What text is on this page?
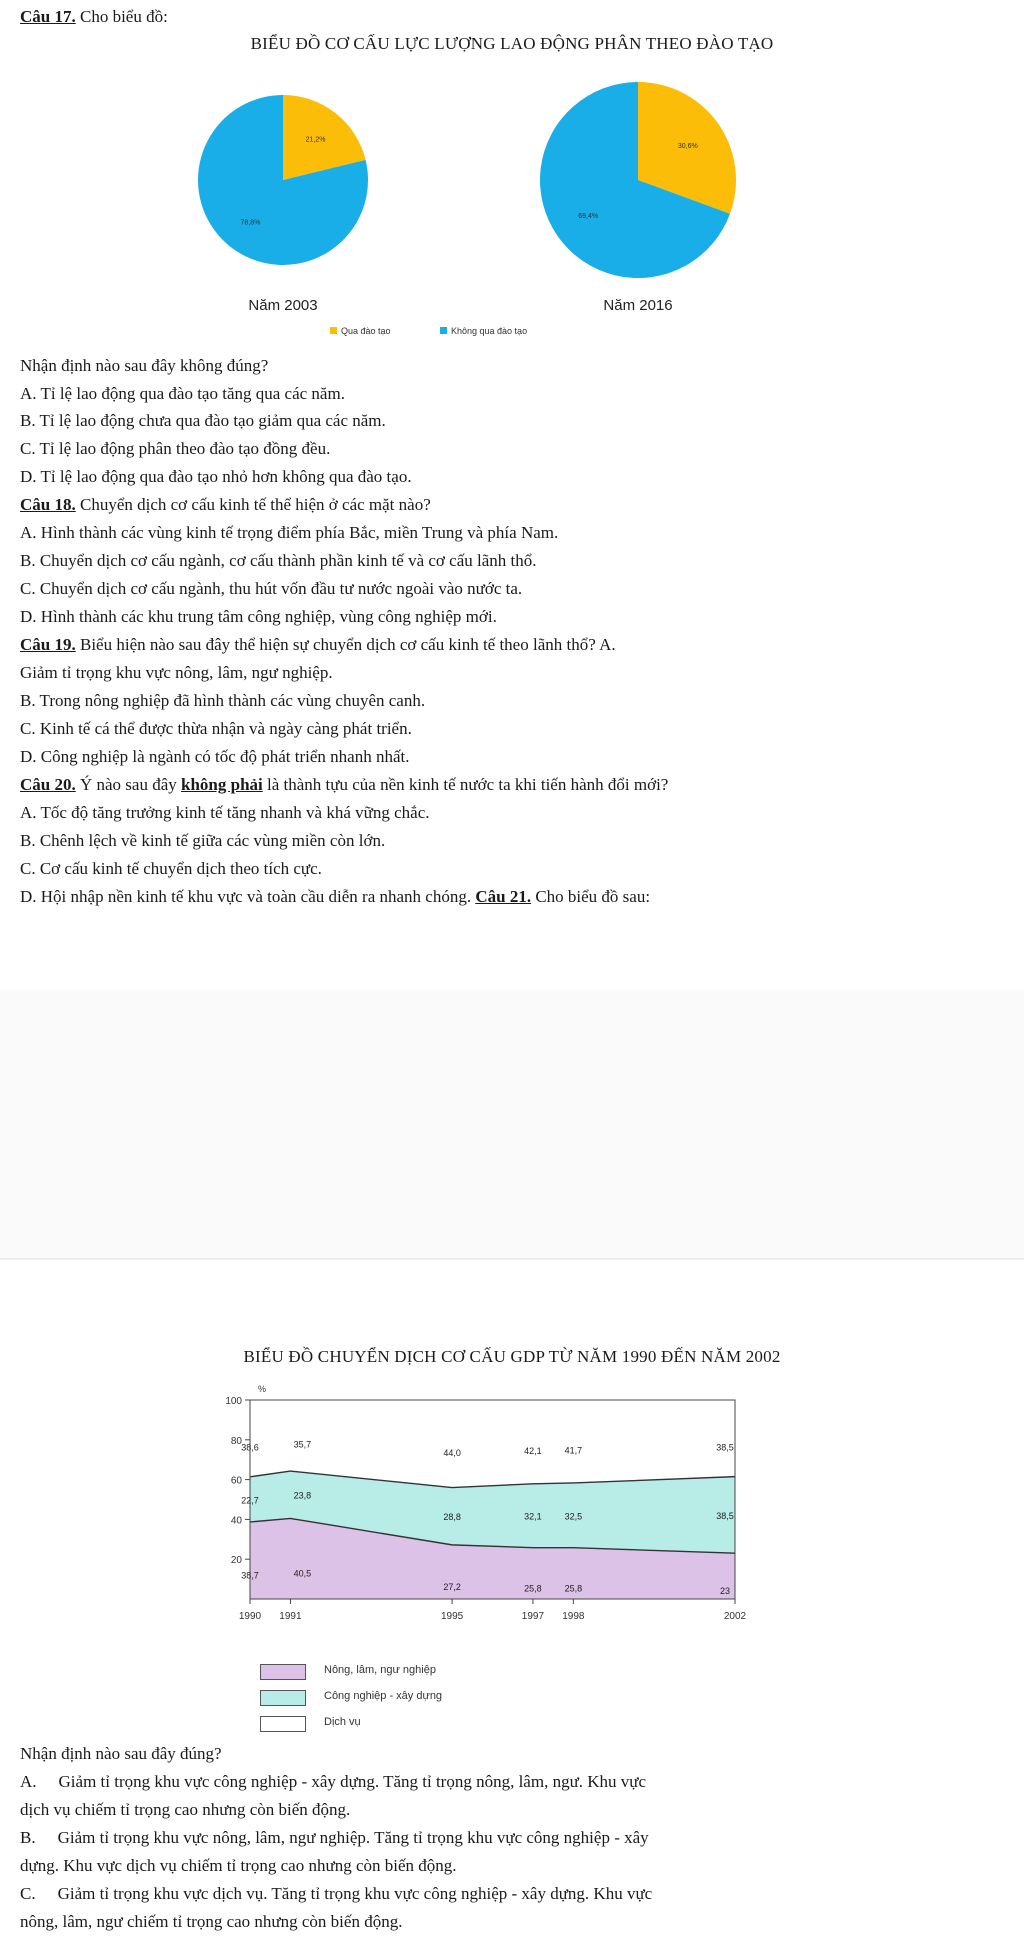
Câu 17. Cho biểu đồ:
BIỂU ĐỒ CƠ CẤU LỰC LƯỢNG LAO ĐỘNG PHÂN THEO ĐÀO TẠO
21,2%
78,8%
30,6%
69,4%
Năm 2003	Năm 2016
Qua đào tạo	Không qua đào tạo
Nhận định nào sau đây không đúng?
A. Tỉ lệ lao động qua đào tạo tăng qua các năm.
B. Tỉ lệ lao động chưa qua đào tạo giảm qua các năm.
C. Tỉ lệ lao động phân theo đào tạo đồng đều.
D. Tỉ lệ lao động qua đào tạo nhỏ hơn không qua đào tạo.
Câu 18. Chuyển dịch cơ cấu kinh tế thể hiện ở các mặt nào?
A. Hình thành các vùng kinh tế trọng điểm phía Bắc, miền Trung và phía Nam.
B. Chuyển dịch cơ cấu ngành, cơ cấu thành phần kinh tế và cơ cấu lãnh thổ.
C. Chuyển dịch cơ cấu ngành, thu hút vốn đầu tư nước ngoài vào nước ta.
D. Hình thành các khu trung tâm công nghiệp, vùng công nghiệp mới.
Câu 19. Biểu hiện nào sau đây thể hiện sự chuyển dịch cơ cấu kinh tế theo lãnh thổ? A.
Giảm tỉ trọng khu vực nông, lâm, ngư nghiệp.
B. Trong nông nghiệp đã hình thành các vùng chuyên canh.
C. Kinh tế cá thể được thừa nhận và ngày càng phát triển.
D. Công nghiệp là ngành có tốc độ phát triển nhanh nhất.
Câu 20. Ý nào sau đây không phải là thành tựu của nền kinh tế nước ta khi tiến hành đổi mới?
A. Tốc độ tăng trưởng kinh tế tăng nhanh và khá vững chắc.
B. Chênh lệch về kinh tế giữa các vùng miền còn lớn.
C. Cơ cấu kinh tế chuyển dịch theo tích cực.
D. Hội nhập nền kinh tế khu vực và toàn cầu diễn ra nhanh chóng. Câu 21. Cho biểu đồ sau:
BIỂU ĐỒ CHUYỂN DỊCH CƠ CẤU GDP TỪ NĂM 1990 ĐẾN NĂM 2002
100
80
60
40
20
%
1990 1991	1995	1997 1998	2002
38,7	40,5
27,2	25,8	25,8	23
22,7	23,8
28,8	32,1	32,5	38,5
38,6	35,7
44,0	42,1	41,7	38,5
Nông, lâm, ngư nghiệp
Công nghiệp - xây dựng
Dịch vụ
Nhận định nào sau đây đúng?
A. Giảm tỉ trọng khu vực công nghiệp - xây dựng. Tăng tỉ trọng nông, lâm, ngư. Khu vực
dịch vụ chiếm tỉ trọng cao nhưng còn biến động.
B. Giảm tỉ trọng khu vực nông, lâm, ngư nghiệp. Tăng tỉ trọng khu vực công nghiệp - xây
dựng. Khu vực dịch vụ chiếm tỉ trọng cao nhưng còn biến động.
C. Giảm tỉ trọng khu vực dịch vụ. Tăng tỉ trọng khu vực công nghiệp - xây dựng. Khu vực
nông, lâm, ngư chiếm tỉ trọng cao nhưng còn biến động.
